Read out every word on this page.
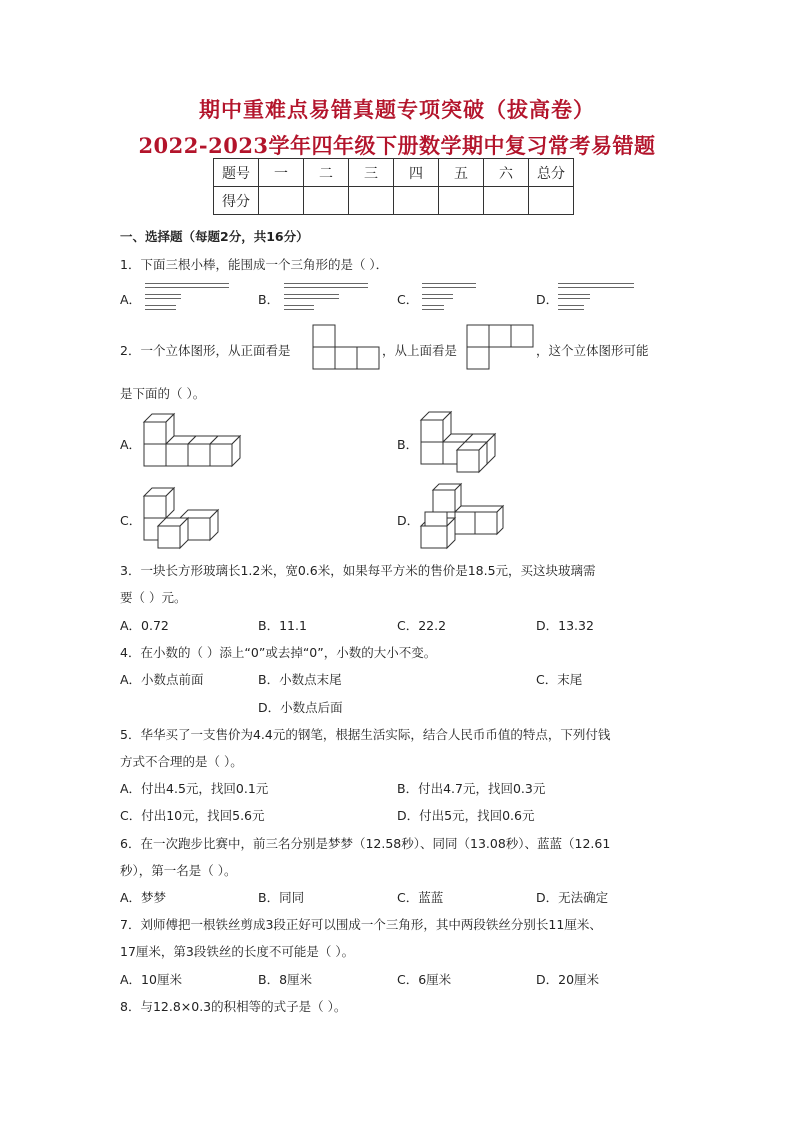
期中重难点易错真题专项突破（拔高卷）
2022-2023学年四年级下册数学期中复习常考易错题
题号	一	二	三	四	五	六	总分
得分							
一、选择题（每题2分，共16分）
1．下面三根小棒，能围成一个三角形的是（ ）．
A．	B．	C．	D．
2．一个立体图形，从正面看是	，从上面看是	，这个立体图形可能
是下面的（ ）。
A．	B．
C．	D．
3．一块长方形玻璃长1.2米，宽0.6米，如果每平方米的售价是18.5元，买这块玻璃需
要（ ）元。
A．0.72	B．11.1	C．22.2	D．13.32
4．在小数的（ ）添上“0”或去掉“0”，小数的大小不变。
A．小数点前面	B．小数点末尾	C．末尾
D．小数点后面
5．华华买了一支售价为4.4元的钢笔，根据生活实际，结合人民币币值的特点，下列付钱
方式不合理的是（ ）。
A．付出4.5元，找回0.1元	B．付出4.7元，找回0.3元
C．付出10元，找回5.6元	D．付出5元，找回0.6元
6．在一次跑步比赛中，前三名分别是梦梦（12.58秒）、同同（13.08秒）、蓝蓝（12.61
秒），第一名是（ ）。
A．梦梦	B．同同	C．蓝蓝	D．无法确定
7．刘师傅把一根铁丝剪成3段正好可以围成一个三角形，其中两段铁丝分别长11厘米、
17厘米，第3段铁丝的长度不可能是（ ）。
A．10厘米	B．8厘米	C．6厘米	D．20厘米
8．与12.8×0.3的积相等的式子是（ ）。
